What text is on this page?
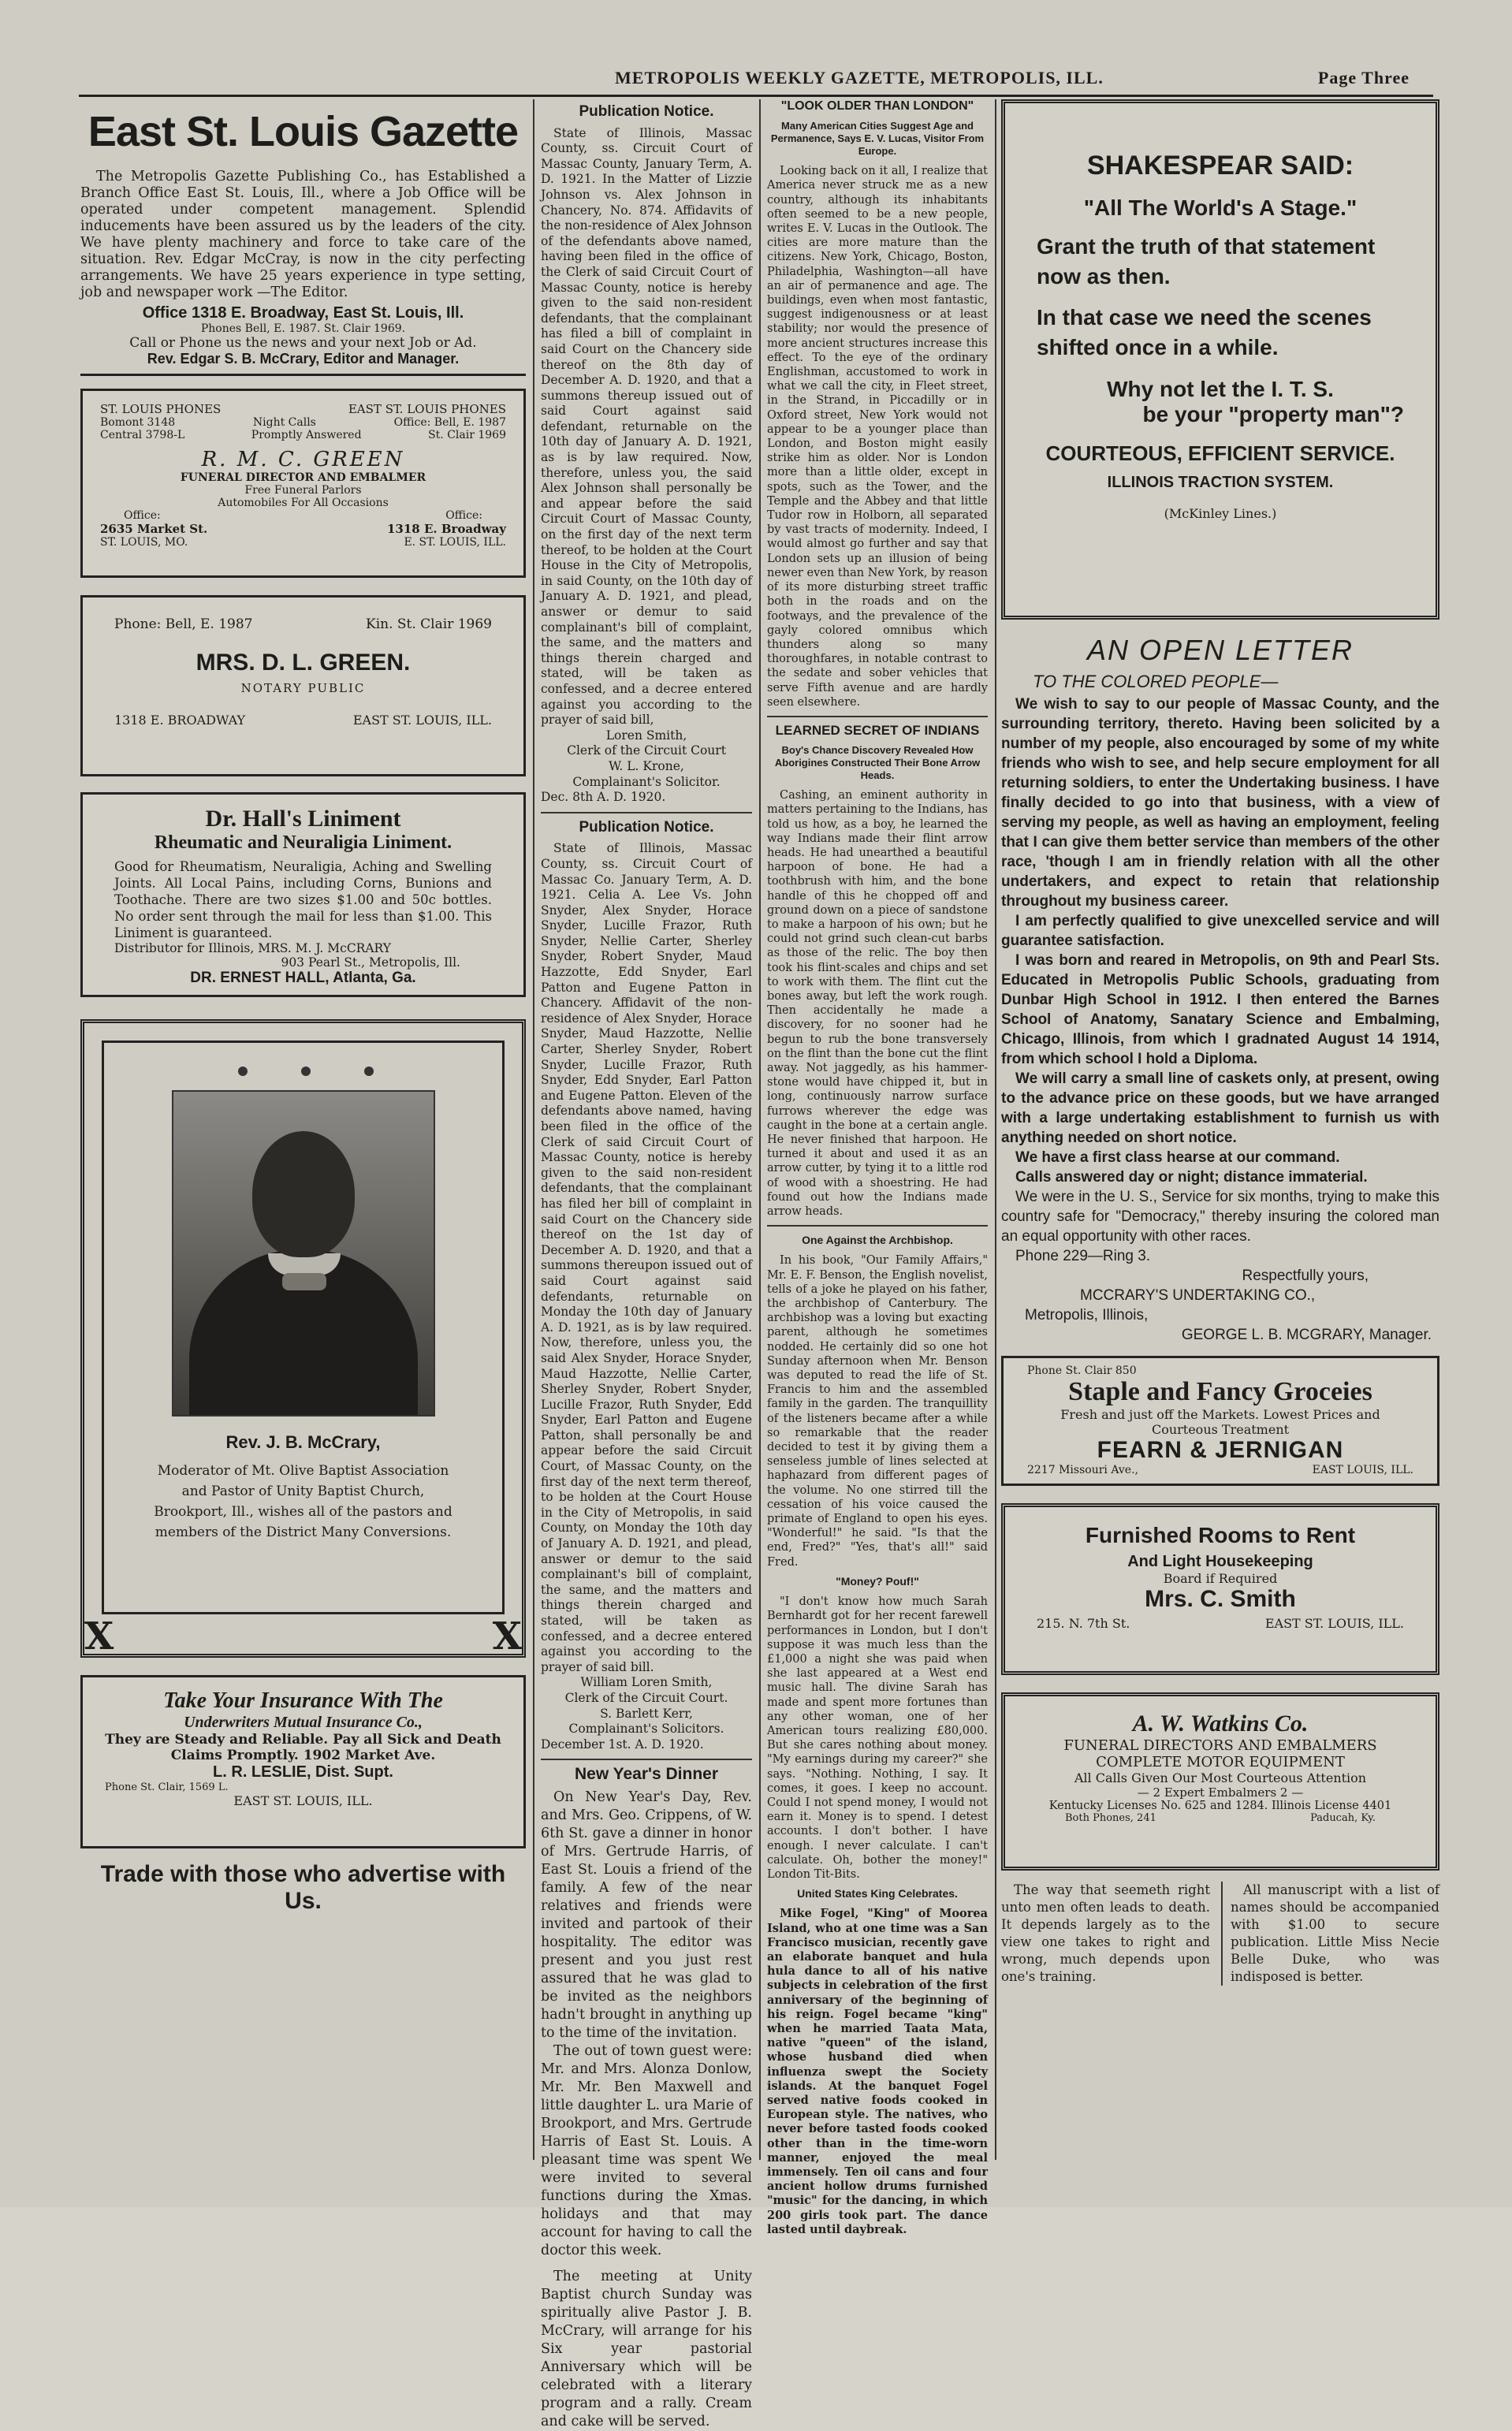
METROPOLIS WEEKLY GAZETTE, METROPOLIS, ILL.	Page Three
East St. Louis Gazette

The Metropolis Gazette Publishing Co., has Established a Branch Office East St. Louis, Ill., where a Job Office will be operated under competent management. Splendid inducements have been assured us by the leaders of the city. We have plenty machinery and force to take care of the situation. Rev. Edgar McCray, is now in the city perfecting arrangements. We have 25 years experience in type setting, job and newspaper work —The Editor.

Office 1318 E. Broadway, East St. Louis, Ill.
Phones Bell, E. 1987. St. Clair 1969.
Call or Phone us the news and your next Job or Ad.
Rev. Edgar S. B. McCrary, Editor and Manager.
ST. LOUIS PHONES	EAST ST. LOUIS PHONES
Bomont 3148	Night Calls	Office: Bell, E. 1987
Central 3798-L	Promptly Answered	St. Clair 1969
R. M. C. GREEN
FUNERAL DIRECTOR AND EMBALMER
Free Funeral Parlors
Automobiles For All Occasions
Office:	Office:
2635 Market St.	1318 E. Broadway
ST. LOUIS, MO.	E. ST. LOUIS, ILL.
Phone: Bell, E. 1987	Kin. St. Clair 1969
MRS. D. L. GREEN.
NOTARY PUBLIC
1318 E. BROADWAY	EAST ST. LOUIS, ILL.
Dr. Hall's Liniment
Rheumatic and Neuraligia Liniment.

Good for Rheumatism, Neuraligia, Aching and Swelling Joints. All Local Pains, including Corns, Bunions and Toothache. There are two sizes $1.00 and 50c bottles. No order sent through the mail for less than $1.00. This Liniment is guaranteed.

Distributor for Illinois, MRS. M. J. McCRARY
903 Pearl St., Metropolis, Ill.
DR. ERNEST HALL, Atlanta, Ga.
Rev. J. B. McCrary,

Moderator of Mt. Olive Baptist Association and Pastor of Unity Baptist Church, Brookport, Ill., wishes all of the pastors and members of the District Many Conversions.

X	X
Take Your Insurance With The
Underwriters Mutual Insurance Co.,
They are Steady and Reliable. Pay all Sick and Death
Claims Promptly. 1902 Market Ave.
L. R. LESLIE, Dist. Supt.
Phone St. Clair, 1569 L.
EAST ST. LOUIS, ILL.
Trade with those who advertise with Us.
Publication Notice.

State of Illinois, Massac County, ss. Circuit Court of Massac County, January Term, A. D. 1921. In the Matter of Lizzie Johnson vs. Alex Johnson in Chancery, No. 874. Affidavits of the non-residence of Alex Johnson of the defendants above named, having been filed in the office of the Clerk of said Circuit Court of Massac County, notice is hereby given to the said non-resident defendants, that the complainant has filed a bill of complaint in said Court on the Chancery side thereof on the 8th day of December A. D. 1920, and that a summons thereup issued out of said Court against said defendant, returnable on the 10th day of January A. D. 1921, as is by law required. Now, therefore, unless you, the said Alex Johnson shall personally be and appear before the said Circuit Court of Massac County, on the first day of the next term thereof, to be holden at the Court House in the City of Metropolis, in said County, on the 10th day of January A. D. 1921, and plead, answer or demur to said complainant's bill of complaint, the same, and the matters and things therein charged and stated, will be taken as confessed, and a decree entered against you according to the prayer of said bill,

Loren Smith,
Clerk of the Circuit Court
W. L. Krone,
Complainant's Solicitor.
Dec. 8th A. D. 1920.
Publication Notice.

State of Illinois, Massac County, ss. Circuit Court of Massac Co. January Term, A. D. 1921. Celia A. Lee Vs. John Snyder, Alex Snyder, Horace Snyder, Lucille Frazor, Ruth Snyder, Nellie Carter, Sherley Snyder, Robert Snyder, Maud Hazzotte, Edd Snyder, Earl Patton and Eugene Patton in Chancery. Affidavit of the non-residence of Alex Snyder, Horace Snyder, Maud Hazzotte, Nellie Carter, Sherley Snyder, Robert Snyder, Lucille Frazor, Ruth Snyder, Edd Snyder, Earl Patton and Eugene Patton. Eleven of the defendants above named, having been filed in the office of the Clerk of said Circuit Court of Massac County, notice is hereby given to the said non-resident defendants, that the complainant has filed her bill of complaint in said Court on the Chancery side thereof on the 1st day of December A. D. 1920, and that a summons thereupon issued out of said Court against said defendants, returnable on Monday the 10th day of January A. D. 1921, as is by law required. Now, therefore, unless you, the said Alex Snyder, Horace Snyder, Maud Hazzotte, Nellie Carter, Sherley Snyder, Robert Snyder, Lucille Frazor, Ruth Snyder, Edd Snyder, Earl Patton and Eugene Patton, shall personally be and appear before the said Circuit Court, of Massac County, on the first day of the next term thereof, to be holden at the Court House in the City of Metropolis, in said County, on Monday the 10th day of January A. D. 1921, and plead, answer or demur to the said complainant's bill of complaint, the same, and the matters and things therein charged and stated, will be taken as confessed, and a decree entered against you according to the prayer of said bill.

William Loren Smith,
Clerk of the Circuit Court.
S. Barlett Kerr,
Complainant's Solicitors.
December 1st. A. D. 1920.
New Year's Dinner

On New Year's Day, Rev. and Mrs. Geo. Crippens, of W. 6th St. gave a dinner in honor of Mrs. Gertrude Harris, of East St. Louis a friend of the family. A few of the near relatives and friends were invited and partook of their hospitality. The editor was present and you just rest assured that he was glad to be invited as the neighbors hadn't brought in anything up to the time of the invitation.

The out of town guest were: Mr. and Mrs. Alonza Donlow, Mr. Mr. Ben Maxwell and little daughter L. ura Marie of Brookport, and Mrs. Gertrude Harris of East St. Louis. A pleasant time was spent We were invited to several functions during the Xmas. holidays and that may account for having to call the doctor this week.

The meeting at Unity Baptist church Sunday was spiritually alive Pastor J. B. McCrary, will arrange for his Six year pastorial Anniversary which will be celebrated with a literary program and a rally. Cream and cake will be served.

"LOOK OLDER THAN LONDON"
Many American Cities Suggest Age and Permanence, Says E. V. Lucas, Visitor From Europe.

Looking back on it all, I realize that America never struck me as a new country, although its inhabitants often seemed to be a new people, writes E. V. Lucas in the Outlook. The cities are more mature than the citizens. New York, Chicago, Boston, Philadelphia, Washington—all have an air of permanence and age. The buildings, even when most fantastic, suggest indigenousness or at least stability; nor would the presence of more ancient structures increase this effect. To the eye of the ordinary Englishman, accustomed to work in what we call the city, in Fleet street, in the Strand, in Piccadilly or in Oxford street, New York would not appear to be a younger place than London, and Boston might easily strike him as older. Nor is London more than a little older, except in spots, such as the Tower, and the Temple and the Abbey and that little Tudor row in Holborn, all separated by vast tracts of modernity. Indeed, I would almost go further and say that London sets up an illusion of being newer even than New York, by reason of its more disturbing street traffic both in the roads and on the footways, and the prevalence of the gayly colored omnibus which thunders along so many thoroughfares, in notable contrast to the sedate and sober vehicles that serve Fifth avenue and are hardly seen elsewhere.

LEARNED SECRET OF INDIANS
Boy's Chance Discovery Revealed How Aborigines Constructed Their Bone Arrow Heads.

Cashing, an eminent authority in matters pertaining to the Indians, has told us how, as a boy, he learned the way Indians made their flint arrow heads. He had unearthed a beautiful harpoon of bone. He had a toothbrush with him, and the bone handle of this he chopped off and ground down on a piece of sandstone to make a harpoon of his own; but he could not grind such clean-cut barbs as those of the relic. The boy then took his flint-scales and chips and set to work with them. The flint cut the bones away, but left the work rough. Then accidentally he made a discovery, for no sooner had he begun to rub the bone transversely on the flint than the bone cut the flint away. Not jaggedly, as his hammer-stone would have chipped it, but in long, continuously narrow surface furrows wherever the edge was caught in the bone at a certain angle. He never finished that harpoon. He turned it about and used it as an arrow cutter, by tying it to a little rod of wood with a shoestring. He had found out how the Indians made arrow heads.

One Against the Archbishop.

In his book, "Our Family Affairs," Mr. E. F. Benson, the English novelist, tells of a joke he played on his father, the archbishop of Canterbury. The archbishop was a loving but exacting parent, although he sometimes nodded. He certainly did so one hot Sunday afternoon when Mr. Benson was deputed to read the life of St. Francis to him and the assembled family in the garden. The tranquillity of the listeners became after a while so remarkable that the reader decided to test it by giving them a senseless jumble of lines selected at haphazard from different pages of the volume. No one stirred till the cessation of his voice caused the primate of England to open his eyes. "Wonderful!" he said. "Is that the end, Fred?" "Yes, that's all!" said Fred.

"Money? Pouf!"

"I don't know how much Sarah Bernhardt got for her recent farewell performances in London, but I don't suppose it was much less than the £1,000 a night she was paid when she last appeared at a West end music hall. The divine Sarah has made and spent more fortunes than any other woman, one of her American tours realizing £80,000. But she cares nothing about money. "My earnings during my career?" she says. "Nothing. Nothing, I say. It comes, it goes. I keep no account. Could I not spend money, I would not earn it. Money is to spend. I detest accounts. I don't bother. I have enough. I never calculate. I can't calculate. Oh, bother the money!" London Tit-Bits.

United States King Celebrates.

Mike Fogel, "King" of Moorea Island, who at one time was a San Francisco musician, recently gave an elaborate banquet and hula hula dance to all of his native subjects in celebration of the first anniversary of the beginning of his reign. Fogel became "king" when he married Taata Mata, native "queen" of the island, whose husband died when influenza swept the Society islands. At the banquet Fogel served native foods cooked in European style. The natives, who never before tasted foods cooked other than in the time-worn manner, enjoyed the meal immensely. Ten oil cans and four ancient hollow drums furnished "music" for the dancing, in which 200 girls took part. The dance lasted until daybreak.

SHAKESPEAR SAID:
"All The World's A Stage."
Grant the truth of that statement now as then.
In that case we need the scenes shifted once in a while.
Why not let the I. T. S.
be your "property man"?
COURTEOUS, EFFICIENT SERVICE.
ILLINOIS TRACTION SYSTEM.
(McKinley Lines.)
AN OPEN LETTER
TO THE COLORED PEOPLE—

We wish to say to our people of Massac County, and the surrounding territory, thereto. Having been solicited by a number of my people, also encouraged by some of my white friends who wish to see, and help secure employment for all returning soldiers, to enter the Undertaking business. I have finally decided to go into that business, with a view of serving my people, as well as having an employment, feeling that I can give them better service than members of the other race, 'though I am in friendly relation with all the other undertakers, and expect to retain that relationship throughout my business career.

I am perfectly qualified to give unexcelled service and will guarantee satisfaction.

I was born and reared in Metropolis, on 9th and Pearl Sts. Educated in Metropolis Public Schools, graduating from Dunbar High School in 1912. I then entered the Barnes School of Anatomy, Sanatary Science and Embalming, Chicago, Illinois, from which I gradnated August 14 1914, from which school I hold a Diploma.

We will carry a small line of caskets only, at present, owing to the advance price on these goods, but we have arranged with a large undertaking establishment to furnish us with anything needed on short notice.

We have a first class hearse at our command.

Calls answered day or night; distance immaterial.

We were in the U. S., Service for six months, trying to make this country safe for "Democracy," thereby insuring the colored man an equal opportunity with other races.

Phone 229—Ring 3.

Respectfully yours,
MCCRARY'S UNDERTAKING CO.,
Metropolis, Illinois,
GEORGE L. B. MCGRARY, Manager.
Phone St. Clair 850
Staple and Fancy Groceies
Fresh and just off the Markets. Lowest Prices and
Courteous Treatment
FEARN & JERNIGAN
2217 Missouri Ave.,	EAST LOUIS, ILL.
Furnished Rooms to Rent
And Light Housekeeping
Board if Required
Mrs. C. Smith
215. N. 7th St.	EAST ST. LOUIS, ILL.
A. W. Watkins Co.
FUNERAL DIRECTORS AND EMBALMERS
COMPLETE MOTOR EQUIPMENT
All Calls Given Our Most Courteous Attention
— 2 Expert Embalmers 2 —
Kentucky Licenses No. 625 and 1284. Illinois License 4401
Both Phones, 241	Paducah, Ky.

The way that seemeth right unto men often leads to death. It depends largely as to the view one takes to right and wrong, much depends upon one's training.

All manuscript with a list of names should be accompanied with $1.00 to secure publication. Little Miss Necie Belle Duke, who was indisposed is better.
